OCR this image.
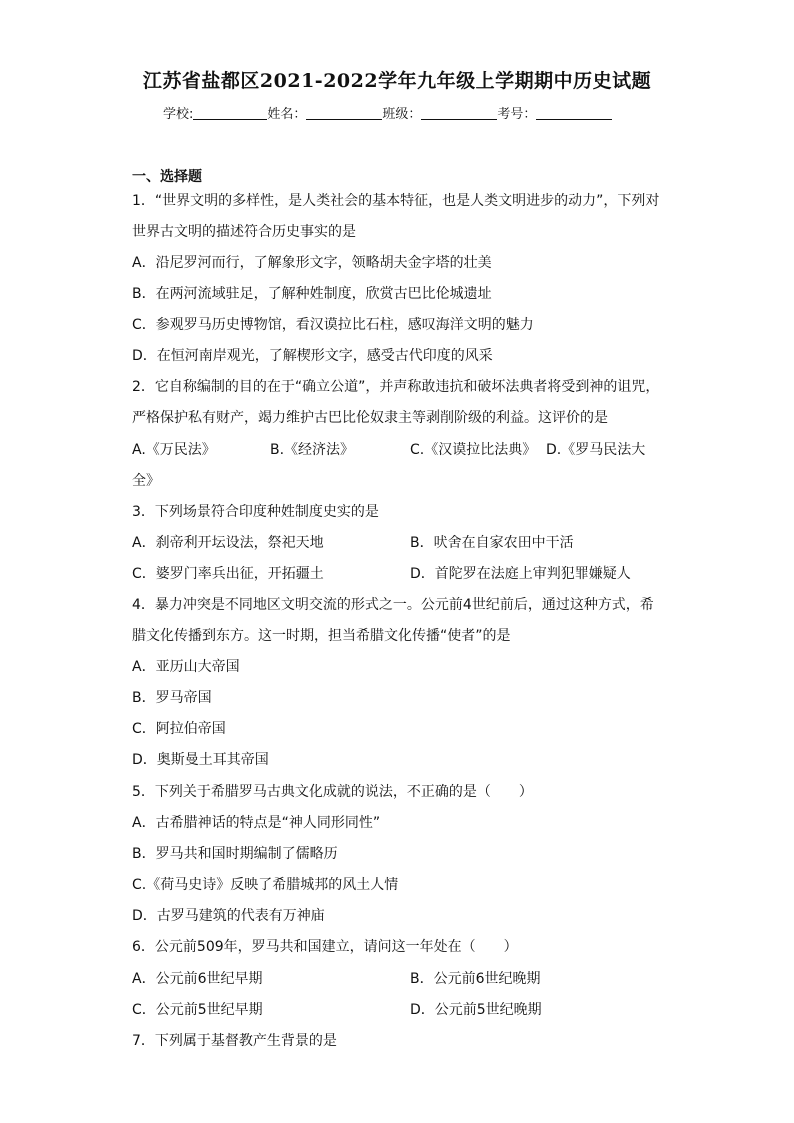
江苏省盐都区2021-2022学年九年级上学期期中历史试题
学校:	姓名：	班级：	考号：
一、选择题
1．“世界文明的多样性，是人类社会的基本特征，也是人类文明进步的动力”，下列对
世界古文明的描述符合历史事实的是
A．沿尼罗河而行，了解象形文字，领略胡夫金字塔的壮美
B．在两河流域驻足，了解种姓制度，欣赏古巴比伦城遗址
C．参观罗马历史博物馆，看汉谟拉比石柱，感叹海洋文明的魅力
D．在恒河南岸观光，了解楔形文字，感受古代印度的风采
2．它自称编制的目的在于“确立公道”，并声称敢违抗和破坏法典者将受到神的诅咒，
严格保护私有财产，竭力维护古巴比伦奴隶主等剥削阶级的利益。这评价的是
A.《万民法》	B.《经济法》	C.《汉谟拉比法典》 D.《罗马民法大
全》
3．下列场景符合印度种姓制度史实的是
A．刹帝利开坛设法，祭祀天地	B．吠舍在自家农田中干活
C．婆罗门率兵出征，开拓疆土	D．首陀罗在法庭上审判犯罪嫌疑人
4．暴力冲突是不同地区文明交流的形式之一。公元前4世纪前后，通过这种方式，希
腊文化传播到东方。这一时期，担当希腊文化传播“使者”的是
A．亚历山大帝国
B．罗马帝国
C．阿拉伯帝国
D．奥斯曼土耳其帝国
5．下列关于希腊罗马古典文化成就的说法，不正确的是（　　）
A．古希腊神话的特点是“神人同形同性”
B．罗马共和国时期编制了儒略历
C.《荷马史诗》反映了希腊城邦的风土人情
D．古罗马建筑的代表有万神庙
6．公元前509年，罗马共和国建立，请问这一年处在（　　）
A．公元前6世纪早期	B．公元前6世纪晚期
C．公元前5世纪早期	D．公元前5世纪晚期
7．下列属于基督教产生背景的是
